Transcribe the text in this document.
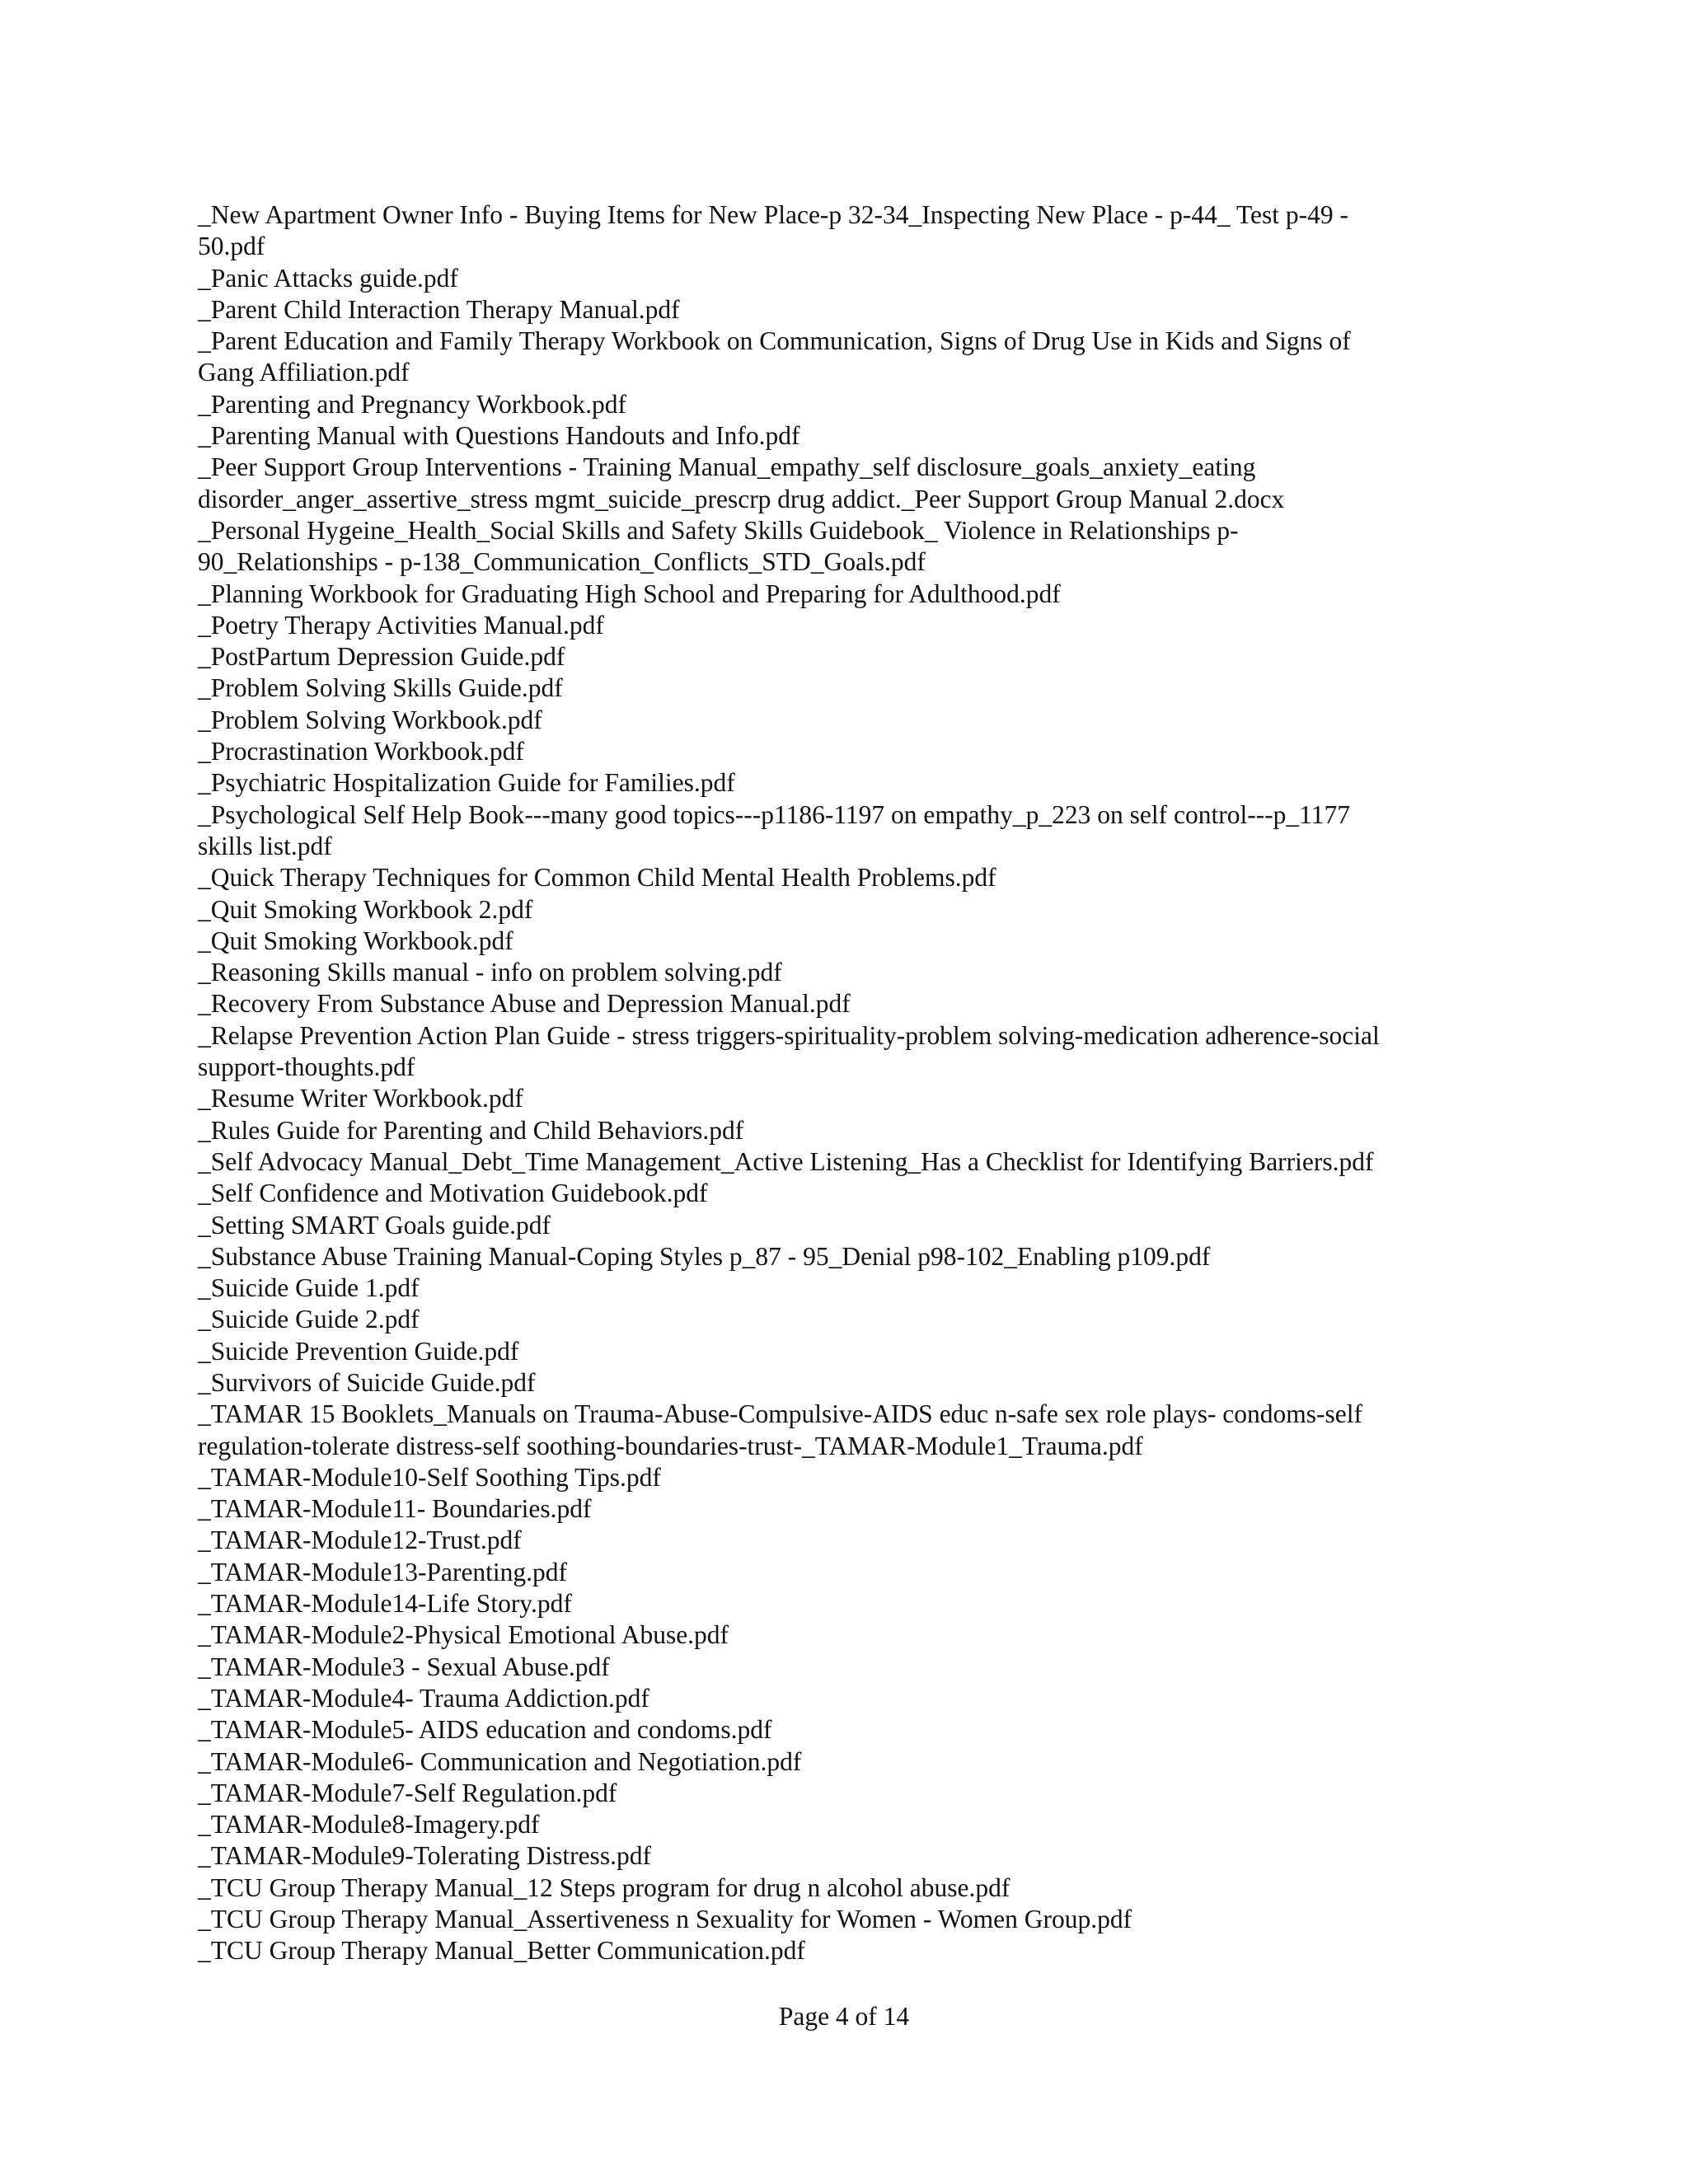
_New Apartment Owner Info - Buying Items for New Place-p 32-34_Inspecting New Place - p-44_ Test p-49 -
50.pdf
_Panic Attacks guide.pdf
_Parent Child Interaction Therapy Manual.pdf
_Parent Education and Family Therapy Workbook on Communication, Signs of Drug Use in Kids and Signs of
Gang Affiliation.pdf
_Parenting and Pregnancy Workbook.pdf
_Parenting Manual with Questions Handouts and Info.pdf
_Peer Support Group Interventions - Training Manual_empathy_self disclosure_goals_anxiety_eating
disorder_anger_assertive_stress mgmt_suicide_prescrp drug addict._Peer Support Group Manual 2.docx
_Personal Hygeine_Health_Social Skills and Safety Skills Guidebook_ Violence in Relationships p-
90_Relationships - p-138_Communication_Conflicts_STD_Goals.pdf
_Planning Workbook for Graduating High School and Preparing for Adulthood.pdf
_Poetry Therapy Activities Manual.pdf
_PostPartum Depression Guide.pdf
_Problem Solving Skills Guide.pdf
_Problem Solving Workbook.pdf
_Procrastination Workbook.pdf
_Psychiatric Hospitalization Guide for Families.pdf
_Psychological Self Help Book---many good topics---p1186-1197 on empathy_p_223 on self control---p_1177
skills list.pdf
_Quick Therapy Techniques for Common Child Mental Health Problems.pdf
_Quit Smoking Workbook 2.pdf
_Quit Smoking Workbook.pdf
_Reasoning Skills manual - info on problem solving.pdf
_Recovery From Substance Abuse and Depression Manual.pdf
_Relapse Prevention Action Plan Guide - stress triggers-spirituality-problem solving-medication adherence-social
support-thoughts.pdf
_Resume Writer Workbook.pdf
_Rules Guide for Parenting and Child Behaviors.pdf
_Self Advocacy Manual_Debt_Time Management_Active Listening_Has a Checklist for Identifying Barriers.pdf
_Self Confidence and Motivation Guidebook.pdf
_Setting SMART Goals guide.pdf
_Substance Abuse Training Manual-Coping Styles p_87 - 95_Denial p98-102_Enabling p109.pdf
_Suicide Guide 1.pdf
_Suicide Guide 2.pdf
_Suicide Prevention Guide.pdf
_Survivors of Suicide Guide.pdf
_TAMAR 15 Booklets_Manuals on Trauma-Abuse-Compulsive-AIDS educ n-safe sex role plays- condoms-self
regulation-tolerate distress-self soothing-boundaries-trust-_TAMAR-Module1_Trauma.pdf
_TAMAR-Module10-Self Soothing Tips.pdf
_TAMAR-Module11- Boundaries.pdf
_TAMAR-Module12-Trust.pdf
_TAMAR-Module13-Parenting.pdf
_TAMAR-Module14-Life Story.pdf
_TAMAR-Module2-Physical Emotional Abuse.pdf
_TAMAR-Module3 - Sexual Abuse.pdf
_TAMAR-Module4- Trauma Addiction.pdf
_TAMAR-Module5- AIDS education and condoms.pdf
_TAMAR-Module6- Communication and Negotiation.pdf
_TAMAR-Module7-Self Regulation.pdf
_TAMAR-Module8-Imagery.pdf
_TAMAR-Module9-Tolerating Distress.pdf
_TCU Group Therapy Manual_12 Steps program for drug n alcohol abuse.pdf
_TCU Group Therapy Manual_Assertiveness n Sexuality for Women - Women Group.pdf
_TCU Group Therapy Manual_Better Communication.pdf
Page 4 of 14
